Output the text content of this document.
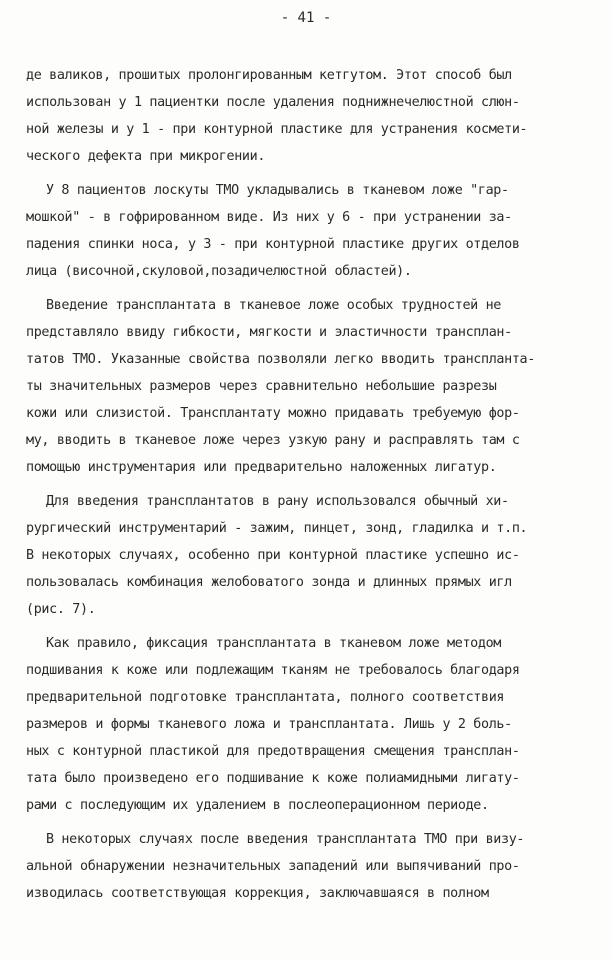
- 41 -
де валиков, прошитых пролонгированным кетгутом. Этот способ был
использован у 1 пациентки после удаления поднижнечелюстной слюн-
ной железы и у 1 - при контурной пластике для устранения космети-
ческого дефекта при микрогении.
У 8 пациентов лоскуты ТМО укладывались в тканевом ложе "гар-
мошкой" - в гофрированном виде. Из них у 6 - при устранении за-
падения спинки носа, у 3 - при контурной пластике других отделов
лица (височной,скуловой,позадичелюстной областей).
Введение трансплантата в тканевое ложе особых трудностей не
представляло ввиду гибкости, мягкости и эластичности трансплан-
татов ТМО. Указанные свойства позволяли легко вводить транспланта-
ты значительных размеров через сравнительно небольшие разрезы
кожи или слизистой. Трансплантату можно придавать требуемую фор-
му, вводить в тканевое ложе через узкую рану и расправлять там с
помощью инструментария или предварительно наложенных лигатур.
Для введения трансплантатов в рану использовался обычный хи-
рургический инструментарий - зажим, пинцет, зонд, гладилка и т.п.
В некоторых случаях, особенно при контурной пластике успешно ис-
пользовалась комбинация желобоватого зонда и длинных прямых игл
(рис. 7).
Как правило, фиксация трансплантата в тканевом ложе методом
подшивания к коже или подлежащим тканям не требовалось благодаря
предварительной подготовке трансплантата, полного соответствия
размеров и формы тканевого ложа и трансплантата. Лишь у 2 боль-
ных с контурной пластикой для предотвращения смещения трансплан-
тата было произведено его подшивание к коже полиамидными лигату-
рами с последующим их удалением в послеоперационном периоде.
В некоторых случаях после введения трансплантата ТМО при визу-
альной обнаружении незначительных западений или выпячиваний про-
изводилась соответствующая коррекция, заключавшаяся в полном
